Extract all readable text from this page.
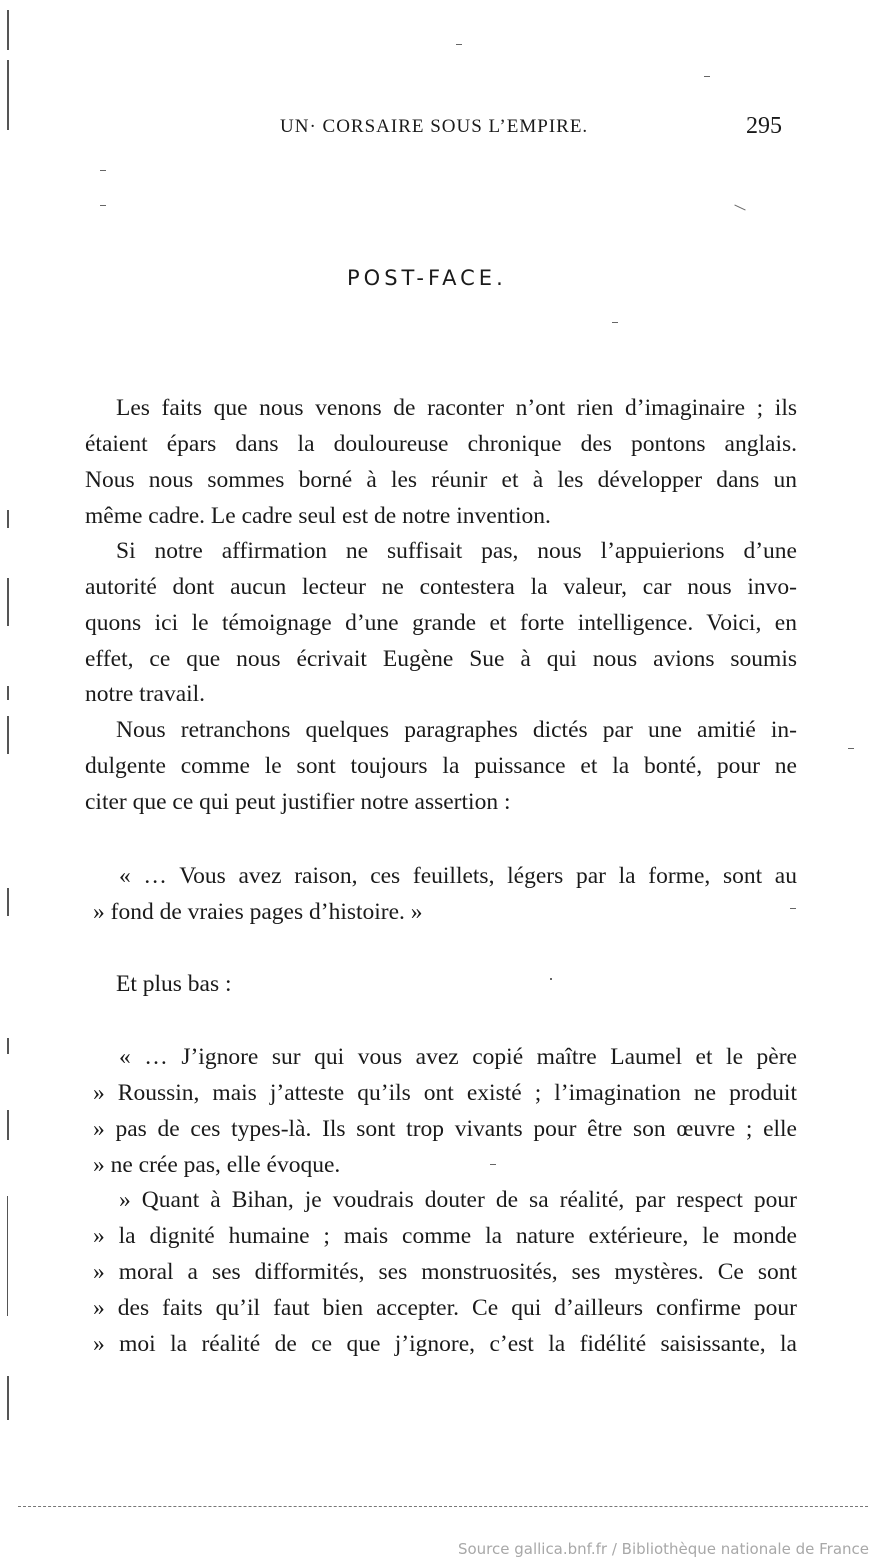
UN· CORSAIRE SOUS L’EMPIRE.	295
POST-FACE.
Les faits que nous venons de raconter n’ont rien d’imaginaire ; ils
étaient épars dans la douloureuse chronique des pontons anglais.
Nous nous sommes borné à les réunir et à les développer dans un
même cadre. Le cadre seul est de notre invention.
Si notre affirmation ne suffisait pas, nous l’appuierions d’une
autorité dont aucun lecteur ne contestera la valeur, car nous invo-
quons ici le témoignage d’une grande et forte intelligence. Voici, en
effet, ce que nous écrivait Eugène Sue à qui nous avions soumis
notre travail.
Nous retranchons quelques paragraphes dictés par une amitié in-
dulgente comme le sont toujours la puissance et la bonté, pour ne
citer que ce qui peut justifier notre assertion :
« … Vous avez raison, ces feuillets, légers par la forme, sont au
» fond de vraies pages d’histoire. »
Et plus bas :
« … J’ignore sur qui vous avez copié maître Laumel et le père
» Roussin, mais j’atteste qu’ils ont existé ; l’imagination ne produit
» pas de ces types-là. Ils sont trop vivants pour être son œuvre ; elle
» ne crée pas, elle évoque.
» Quant à Bihan, je voudrais douter de sa réalité, par respect pour
» la dignité humaine ; mais comme la nature extérieure, le monde
» moral a ses difformités, ses monstruosités, ses mystères. Ce sont
» des faits qu’il faut bien accepter. Ce qui d’ailleurs confirme pour
» moi la réalité de ce que j’ignore, c’est la fidélité saisissante, la
Source gallica.bnf.fr / Bibliothèque nationale de France
